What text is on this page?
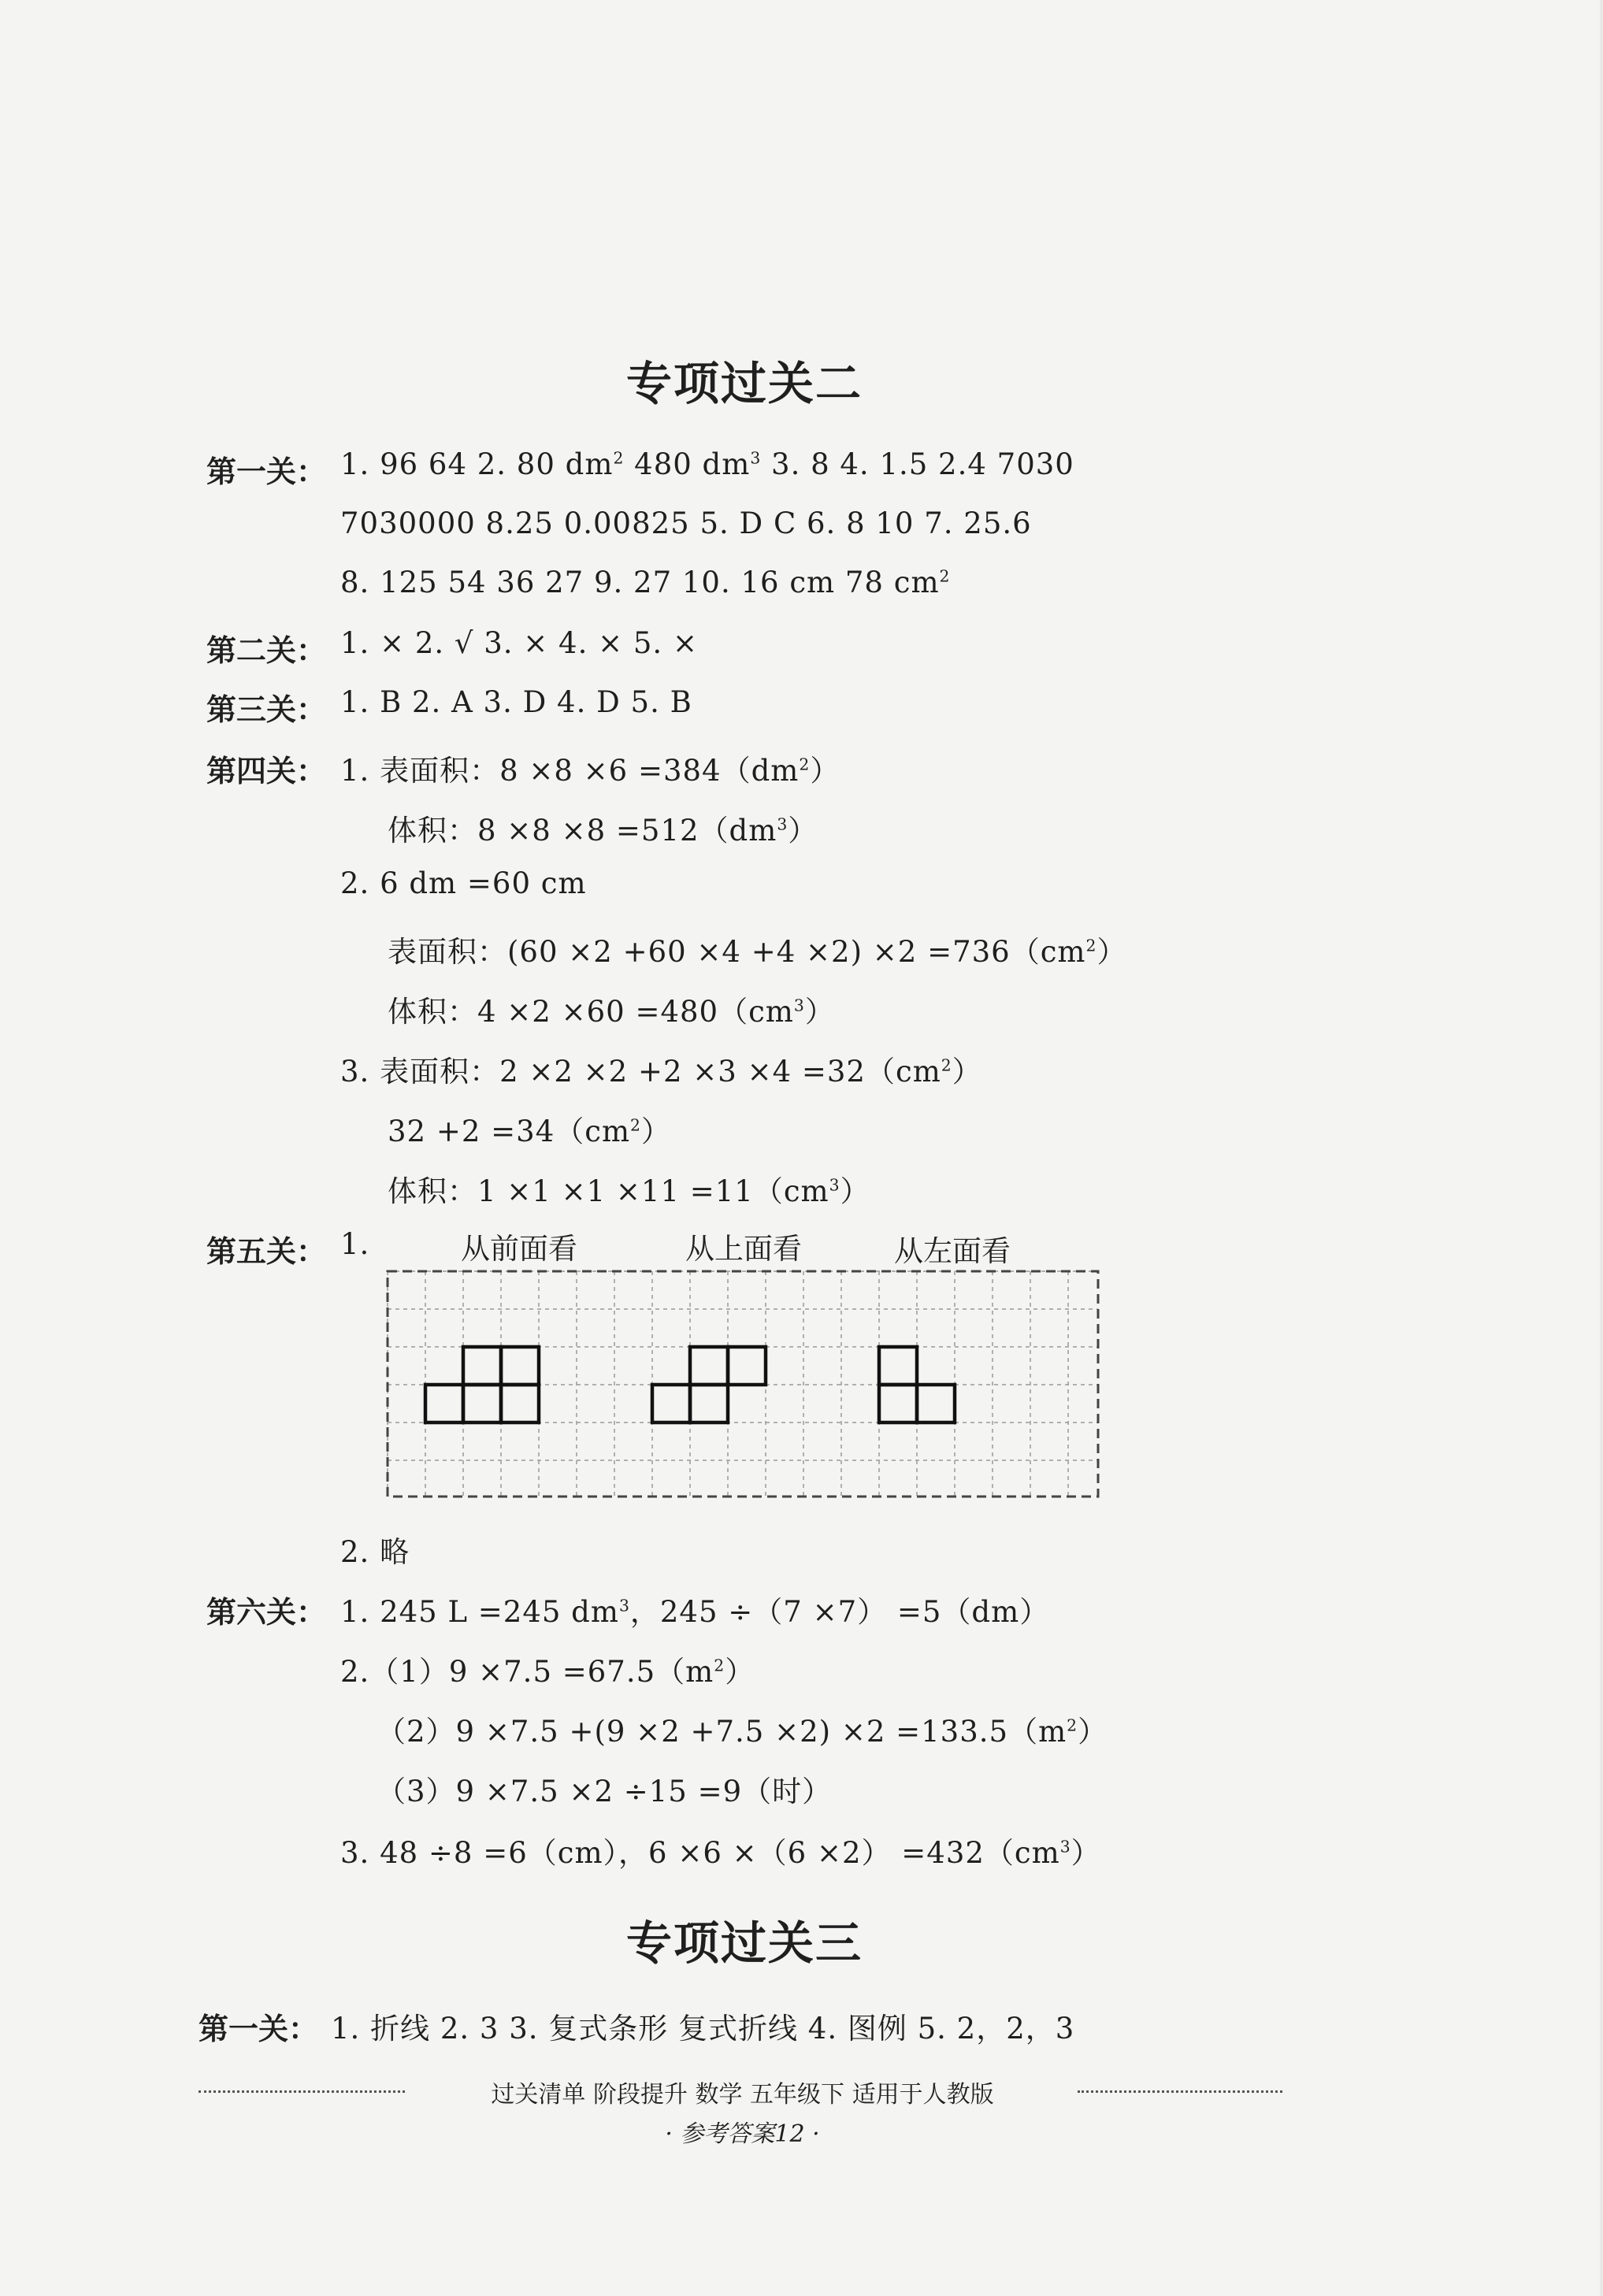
专项过关二
第一关： 1. 96 64 2. 80 $dm^2$ 480 $dm^3$ 3. 8 4. 1.5 2.4 7030
7030000 8.25 0.00825 5. D C 6. 8 10 7. 25.6
8. 125 54 36 27 9. 27 10. 16 cm 78 $cm^2$
第二关： 1. × 2. √ 3. × 4. × 5. ×
第三关： 1. B 2. A 3. D 4. D 5. B
第四关： 1. 表面积：$8 \times 8 \times 6 =384(dm^2)$
体积：$8 \times 8 \times 8 =512(dm^3)$
2. 6 dm =60 cm
表面积：$(60 \times 2 +60 \times 4 +4 \times 2) \times 2 =736(cm^2)$
体积：$4 \times 2 \times 60 =480(cm^3)$
3. 表面积：$2 \times 2 \times 2 +2 \times 3 \times 4 =32(cm^2)$
$32 +2 =34(cm^2)$
体积：$1 \times 1 \times 1 \times 11 =11(cm^3)$
第五关： 1.	从前面看	从上面看	从左面看
2. 略
第六关： 1. 245 L =245 $dm^3$，245 ÷（7 ×7） =5（dm）
$2.(1)9 \times 7.5 =67.5(m^2)$
$(2)9 \times 7.5 +(9 \times 2 +7.5 \times 2) \times 2 =133.5(m^2)$
（3）9 ×7.5 ×2 ÷15 =9（时）
3. 48 ÷8 =6（cm），$6 \times 6 \times(6 \times 2) =432(cm^3)$
专项过关三
第一关： 1. 折线 2. 3 3. 复式条形 复式折线 4. 图例 5. 2，2，3
过关清单 阶段提升 数学 五年级下 适用于人教版
· 参考答案12 ·
